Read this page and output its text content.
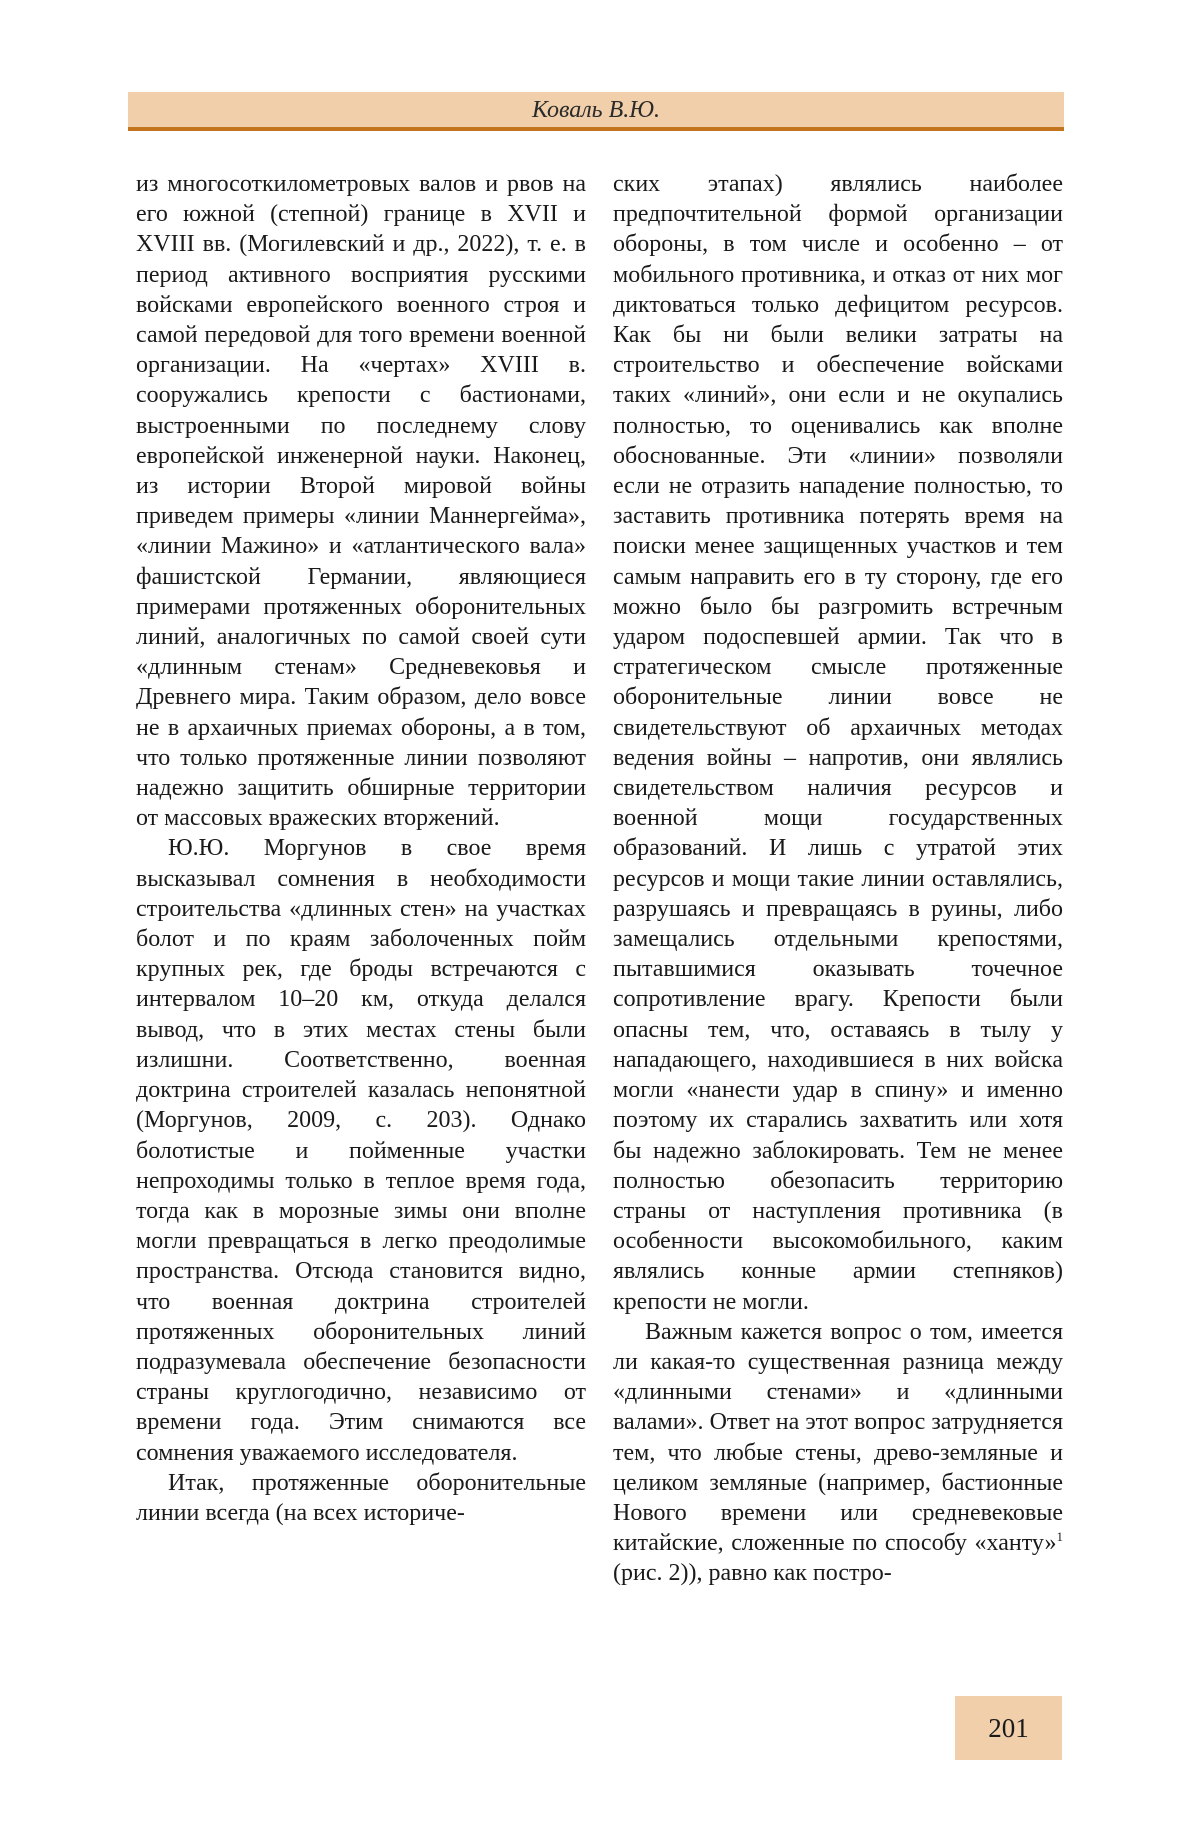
Коваль В.Ю.

из многосоткилометровых валов и рвов на его южной (степной) границе в XVII и XVIII вв. (Могилевский и др., 2022), т. е. в период активного восприятия русскими войсками европейского военного строя и самой передовой для того времени военной организации. На «чертах» XVIII в. сооружались крепости с бастионами, выстроенными по последнему слову европейской инженерной науки. Наконец, из истории Второй мировой войны приведем примеры «линии Маннергейма», «линии Мажино» и «атлантического вала» фашистской Германии, являющиеся примерами протяженных оборонительных линий, аналогичных по самой своей сути «длинным стенам» Средневековья и Древнего мира. Таким образом, дело вовсе не в архаичных приемах обороны, а в том, что только протяженные линии позволяют надежно защитить обширные территории от массовых вражеских вторжений.

Ю.Ю. Моргунов в свое время высказывал сомнения в необходимости строительства «длинных стен» на участках болот и по краям заболоченных пойм крупных рек, где броды встречаются с интервалом 10–20 км, откуда делался вывод, что в этих местах стены были излишни. Соответственно, военная доктрина строителей казалась непонятной (Моргунов, 2009, с. 203). Однако болотистые и пойменные участки непроходимы только в теплое время года, тогда как в морозные зимы они вполне могли превращаться в легко преодолимые пространства. Отсюда становится видно, что военная доктрина строителей протяженных оборонительных линий подразумевала обеспечение безопасности страны круглогодично, независимо от времени года. Этим снимаются все сомнения уважаемого исследователя.

Итак, протяженные оборонительные линии всегда (на всех историче-

ских этапах) являлись наиболее предпочтительной формой организации обороны, в том числе и особенно – от мобильного противника, и отказ от них мог диктоваться только дефицитом ресурсов. Как бы ни были велики затраты на строительство и обеспечение войсками таких «линий», они если и не окупались полностью, то оценивались как вполне обоснованные. Эти «линии» позволяли если не отразить нападение полностью, то заставить противника потерять время на поиски менее защищенных участков и тем самым направить его в ту сторону, где его можно было бы разгромить встречным ударом подоспевшей армии. Так что в стратегическом смысле протяженные оборонительные линии вовсе не свидетельствуют об архаичных методах ведения войны – напротив, они являлись свидетельством наличия ресурсов и военной мощи государственных образований. И лишь с утратой этих ресурсов и мощи такие линии оставлялись, разрушаясь и превращаясь в руины, либо замещались отдельными крепостями, пытавшимися оказывать точечное сопротивление врагу. Крепости были опасны тем, что, оставаясь в тылу у нападающего, находившиеся в них войска могли «нанести удар в спину» и именно поэтому их старались захватить или хотя бы надежно заблокировать. Тем не менее полностью обезопасить территорию страны от наступления противника (в особенности высокомобильного, каким являлись конные армии степняков) крепости не могли.

Важным кажется вопрос о том, имеется ли какая-то существенная разница между «длинными стенами» и «длинными валами». Ответ на этот вопрос затрудняется тем, что любые стены, древо-земляные и целиком земляные (например, бастионные Нового времени или средневековые китайские, сложенные по способу «ханту»$^1$ (рис. 2)), равно как постро-

201
